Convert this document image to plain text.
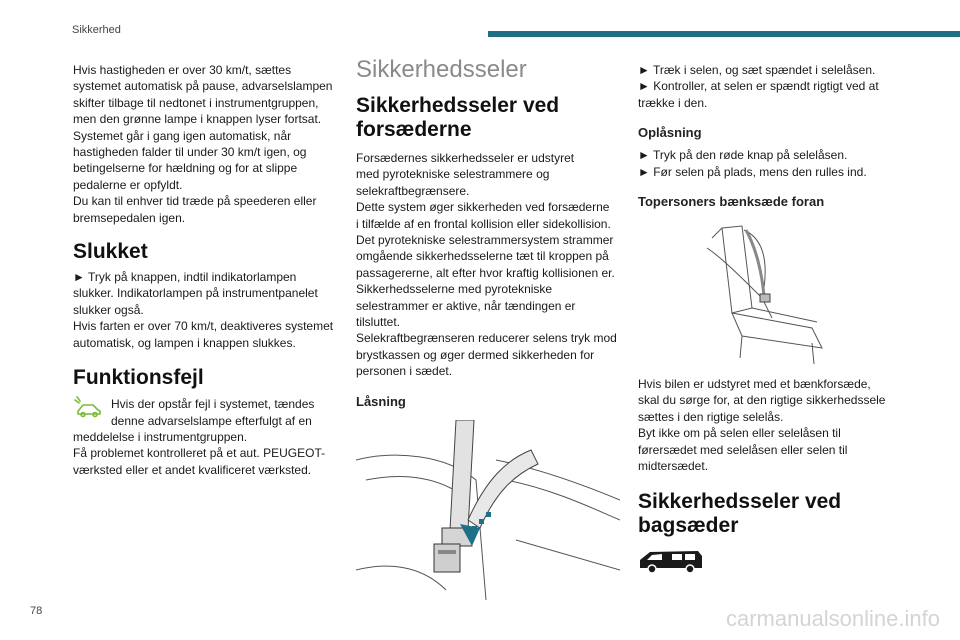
Sikkerhed

Hvis hastigheden er over 30 km/t, sættes
systemet automatisk på pause, advarselslampen
skifter tilbage til nedtonet i instrumentgruppen,
men den grønne lampe i knappen lyser fortsat.
Systemet går i gang igen automatisk, når
hastigheden falder til under 30 km/t igen, og
betingelserne for hældning og for at slippe
pedalerne er opfyldt.
Du kan til enhver tid træde på speederen eller
bremsepedalen igen.

Slukket

► Tryk på knappen, indtil indikatorlampen
slukker. Indikatorlampen på instrumentpanelet
slukker også.
Hvis farten er over 70 km/t, deaktiveres systemet
automatisk, og lampen i knappen slukkes.

Funktionsfejl

Hvis der opstår fejl i systemet, tændes
denne advarselslampe efterfulgt af en
meddelelse i instrumentgruppen.
Få problemet kontrolleret på et aut. PEUGEOT-
værksted eller et andet kvalificeret værksted.

Sikkerhedsseler
Sikkerhedsseler ved
forsæderne

Forsædernes sikkerhedsseler er udstyret
med pyrotekniske selestrammere og
selekraftbegrænsere.
Dette system øger sikkerheden ved forsæderne
i tilfælde af en frontal kollision eller sidekollision.
Det pyrotekniske selestrammersystem strammer
omgående sikkerhedsselerne tæt til kroppen på
passagererne, alt efter hvor kraftig kollisionen er.
Sikkerhedsselerne med pyrotekniske
selestrammer er aktive, når tændingen er
tilsluttet.
Selekraftbegrænseren reducerer selens tryk mod
brystkassen og øger dermed sikkerheden for
personen i sædet.

Låsning

► Træk i selen, og sæt spændet i selelåsen.
► Kontroller, at selen er spændt rigtigt ved at
trække i den.

Oplåsning

► Tryk på den røde knap på selelåsen.
► Før selen på plads, mens den rulles ind.

Topersoners bænksæde foran

Hvis bilen er udstyret med et bænkforsæde,
skal du sørge for, at den rigtige sikkerhedssele
sættes i den rigtige selelås.
Byt ikke om på selen eller selelåsen til
førersædet med selelåsen eller selen til
midtersædet.

Sikkerhedsseler ved
bagsæder
78	carmanualsonline.info
